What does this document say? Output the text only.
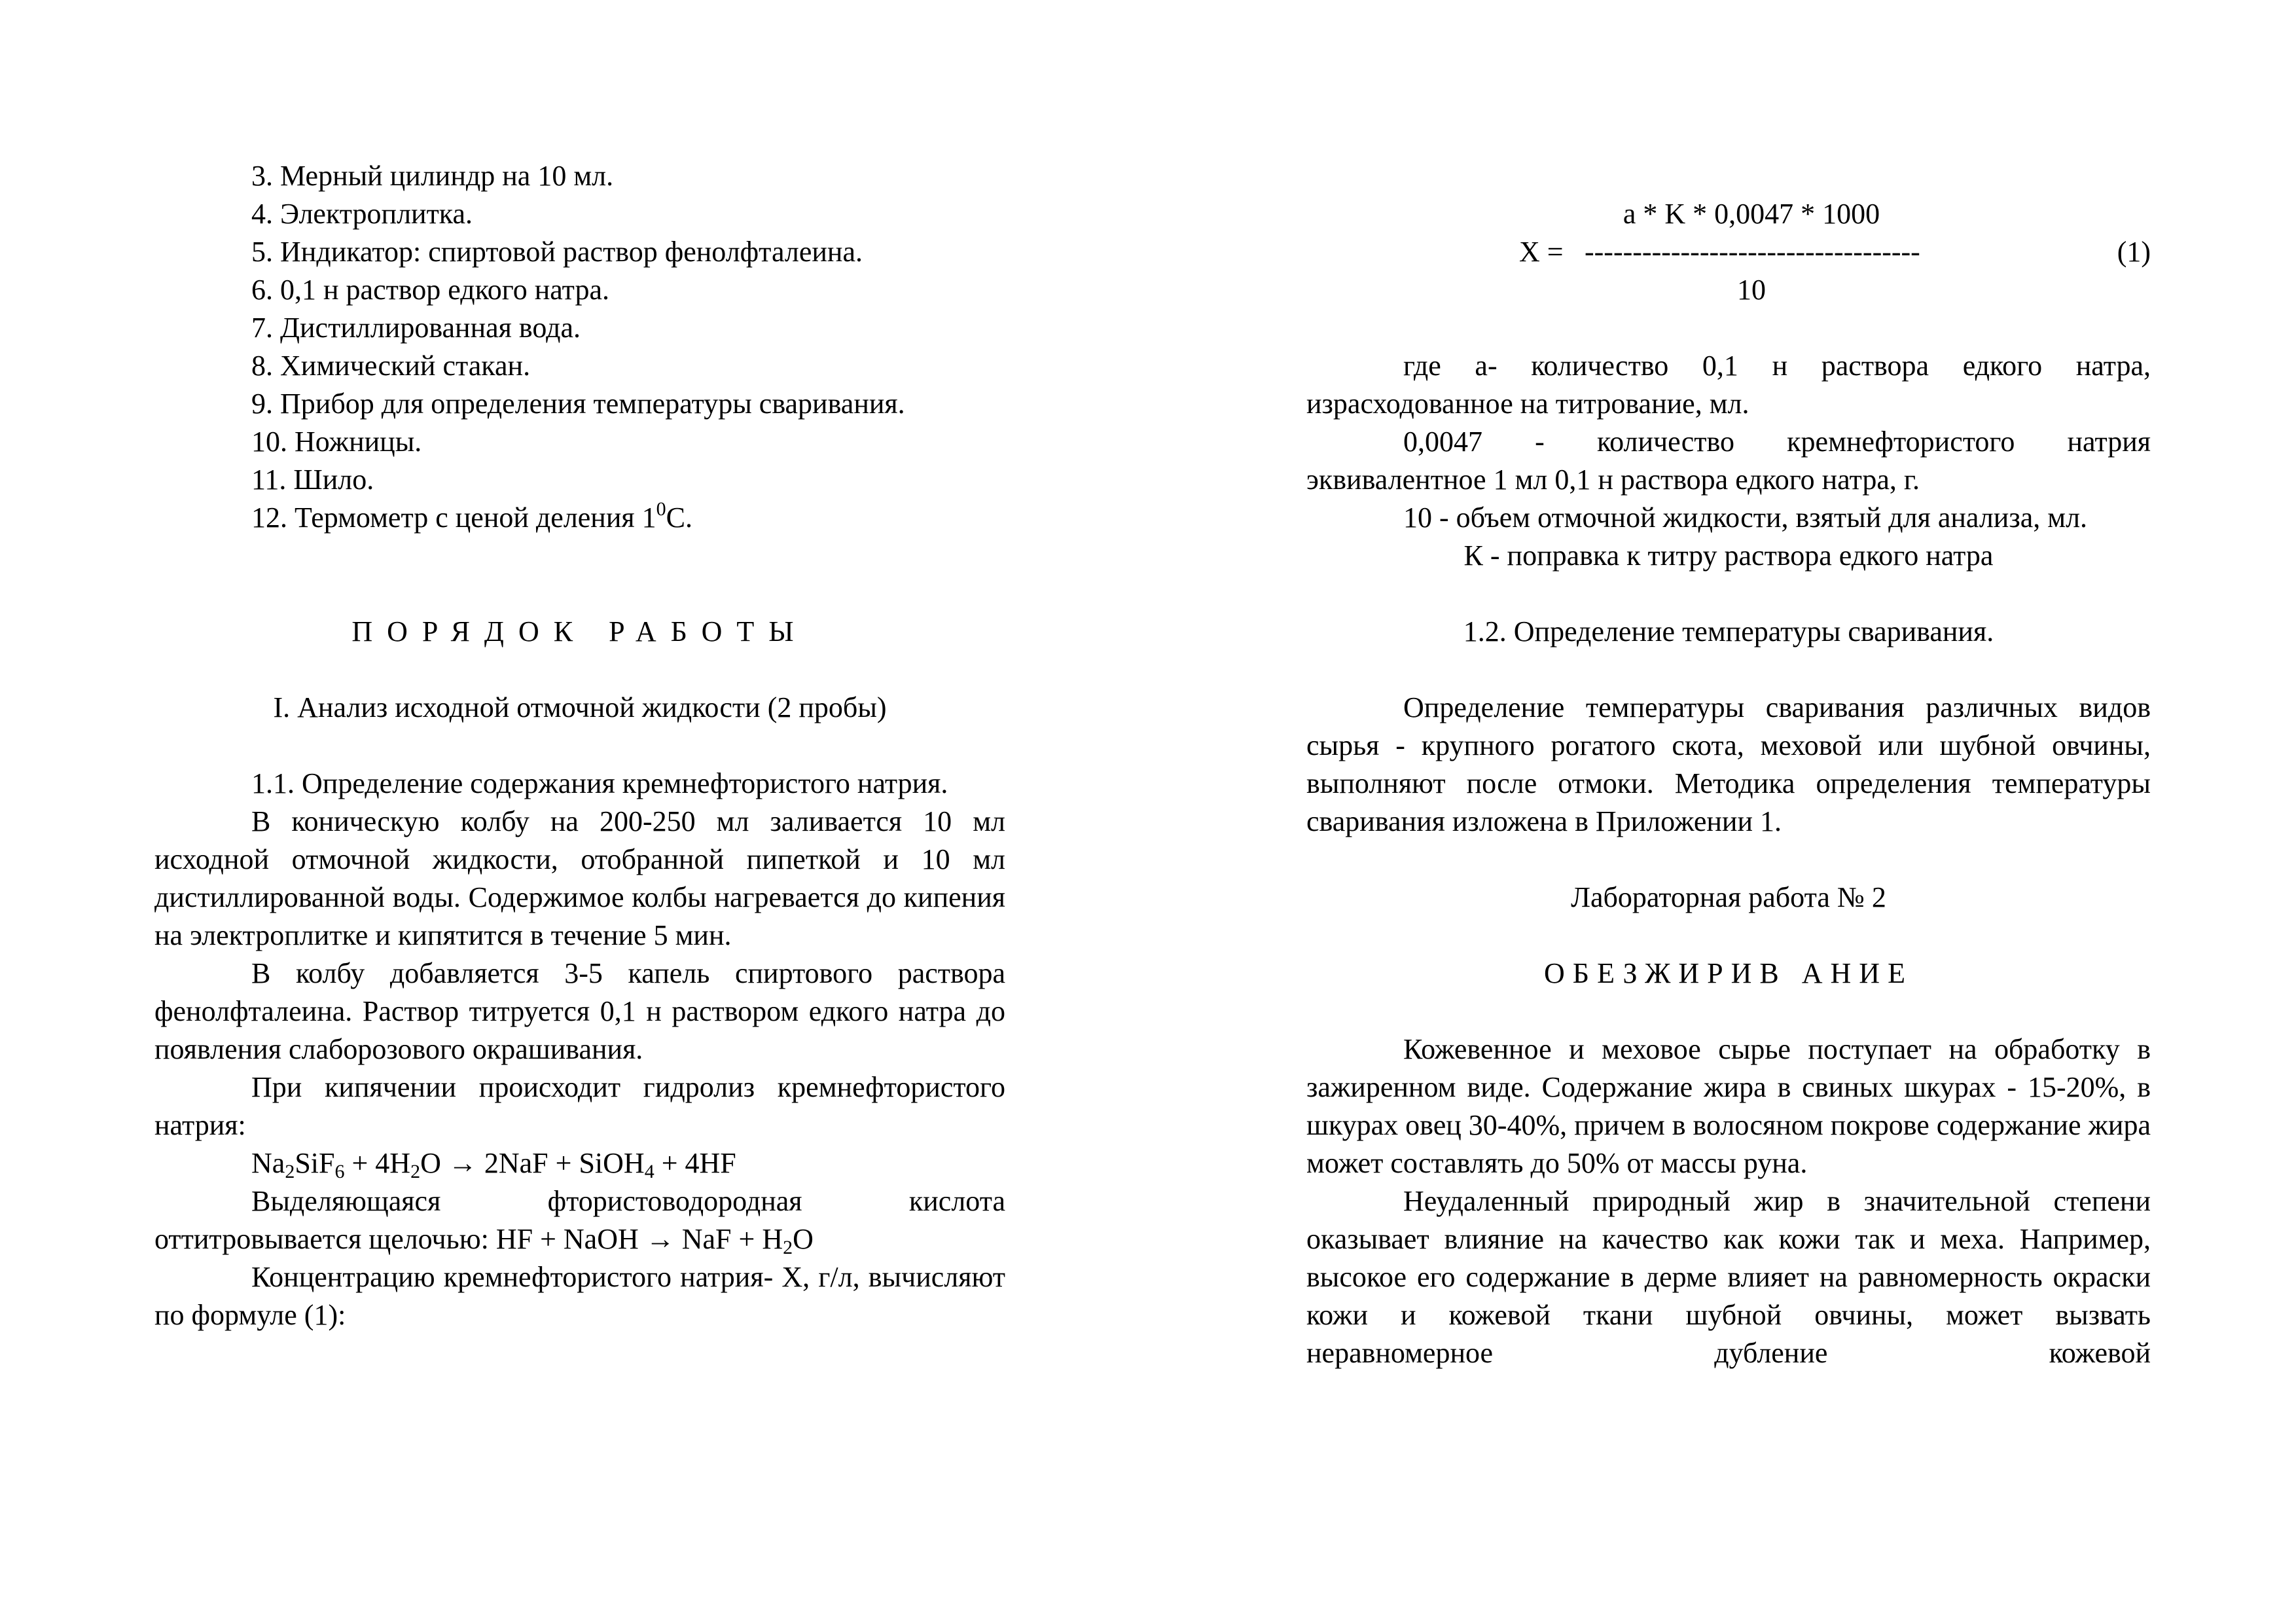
3. Мерный цилиндр на 10 мл.

4. Электроплитка.

5. Индикатор: спиртовой раствор фенолфталеина.

6. 0,1 н раствор едкого натра.

7. Дистиллированная вода.

8. Химический стакан.

9. Прибор для определения температуры сваривания.

10. Ножницы.

11. Шило.

12. Термометр с ценой деления $1^0С$.

ПОРЯДОК РАБОТЫ

I. Анализ исходной отмочной жидкости (2 пробы)

1.1. Определение содержания кремнефтористого натрия.

В коническую колбу на 200-250 мл заливается 10 мл исходной отмочной жидкости, отобранной пипеткой и 10 мл дистиллированной воды. Содержимое колбы нагревается до кипения на электроплитке и кипятится в течение 5 мин.

В колбу добавляется 3-5 капель спиртового раствора фенолфталеина. Раствор титруется 0,1 н раствором едкого натра до появления слаборозового окрашивания.

При кипячении происходит гидролиз кремнефтористого натрия:

$Na_2SiF_6 + 4H_2O \to 2NaF$ + SiOH$_4$ + 4HF

Выделяющаяся фтористоводородная кислота оттитровывается щелочью: HF + NaOH → NaF + $H_2O$

Концентрацию кремнефтористого натрия- X, г/л, вычисляют по формуле (1):

a * K * 0,0047 * 1000
X = -----------------------------------	(1)
10

где а- количество 0,1 н раствора едкого натра, израсходованное на титрование, мл.

0,0047 - количество кремнефтористого натрия эквивалентное 1 мл 0,1 н раствора едкого натра, г.

10 - объем отмочной жидкости, взятый для анализа, мл.

К - поправка к титру раствора едкого натра

1.2. Определение температуры сваривания.

Определение температуры сваривания различных видов сырья - крупного рогатого скота, меховой или шубной овчины, выполняют после отмоки. Методика определения температуры сваривания изложена в Приложении 1.

Лабораторная работа № 2

ОБЕЗЖИРИВ АНИЕ

Кожевенное и меховое сырье поступает на обработку в зажиренном виде. Содержание жира в свиных шкурах - 15-20%, в шкурах овец 30-40%, причем в волосяном покрове содержание жира может составлять до 50% от массы руна.

Неудаленный природный жир в значительной степени оказывает влияние на качество как кожи так и меха. Например, высокое его содержание в дерме влияет на равномерность окраски кожи и кожевой ткани шубной овчины, может вызвать неравномерное дубление кожевой
